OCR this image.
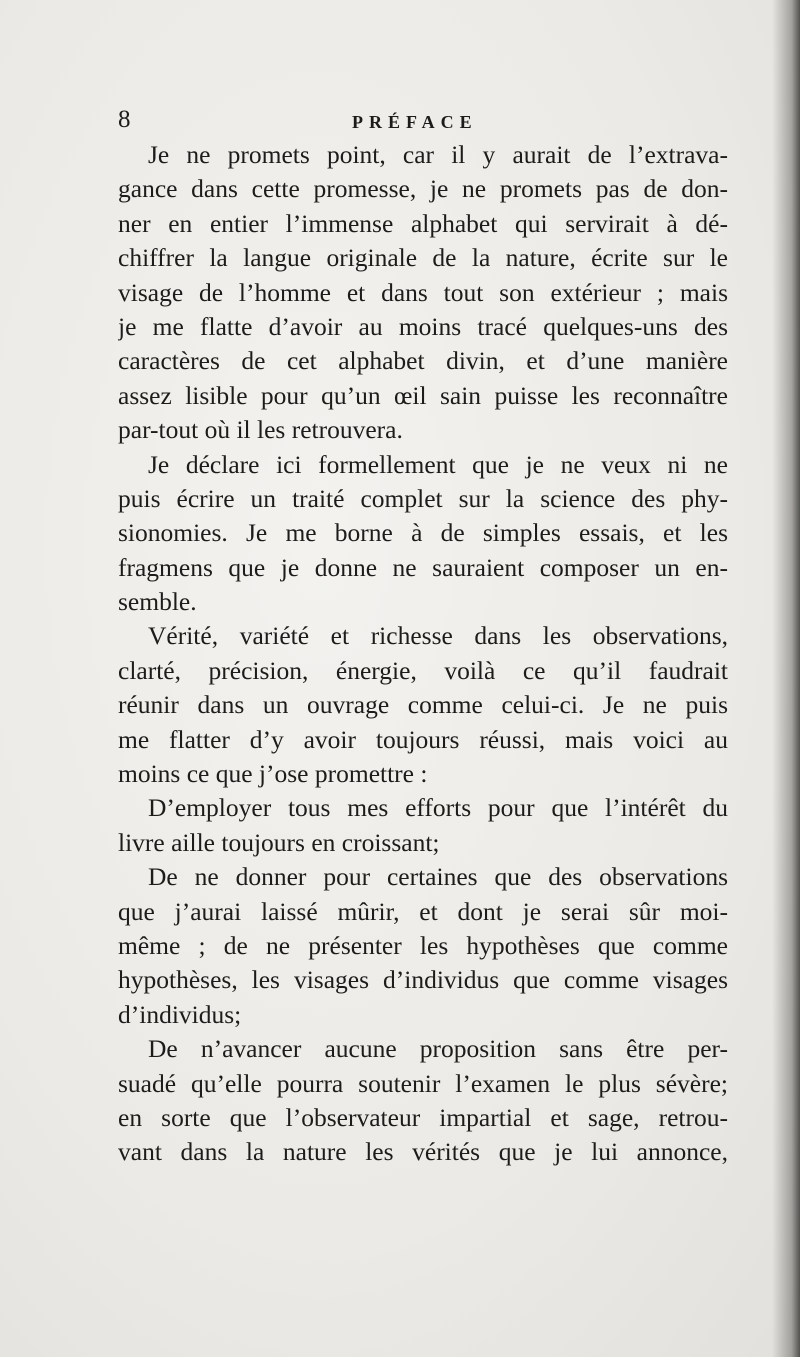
8	PRÉFACE
Je ne promets point, car il y aurait de l’extrava-
gance dans cette promesse, je ne promets pas de don-
ner en entier l’immense alphabet qui servirait à dé-
chiffrer la langue originale de la nature, écrite sur le
visage de l’homme et dans tout son extérieur ; mais
je me flatte d’avoir au moins tracé quelques-uns des
caractères de cet alphabet divin, et d’une manière
assez lisible pour qu’un œil sain puisse les reconnaître
par-tout où il les retrouvera.
Je déclare ici formellement que je ne veux ni ne
puis écrire un traité complet sur la science des phy-
sionomies. Je me borne à de simples essais, et les
fragmens que je donne ne sauraient composer un en-
semble.
Vérité, variété et richesse dans les observations,
clarté, précision, énergie, voilà ce qu’il faudrait
réunir dans un ouvrage comme celui-ci. Je ne puis
me flatter d’y avoir toujours réussi, mais voici au
moins ce que j’ose promettre :
D’employer tous mes efforts pour que l’intérêt du
livre aille toujours en croissant;
De ne donner pour certaines que des observations
que j’aurai laissé mûrir, et dont je serai sûr moi-
même ; de ne présenter les hypothèses que comme
hypothèses, les visages d’individus que comme visages
d’individus;
De n’avancer aucune proposition sans être per-
suadé qu’elle pourra soutenir l’examen le plus sévère;
en sorte que l’observateur impartial et sage, retrou-
vant dans la nature les vérités que je lui annonce,
